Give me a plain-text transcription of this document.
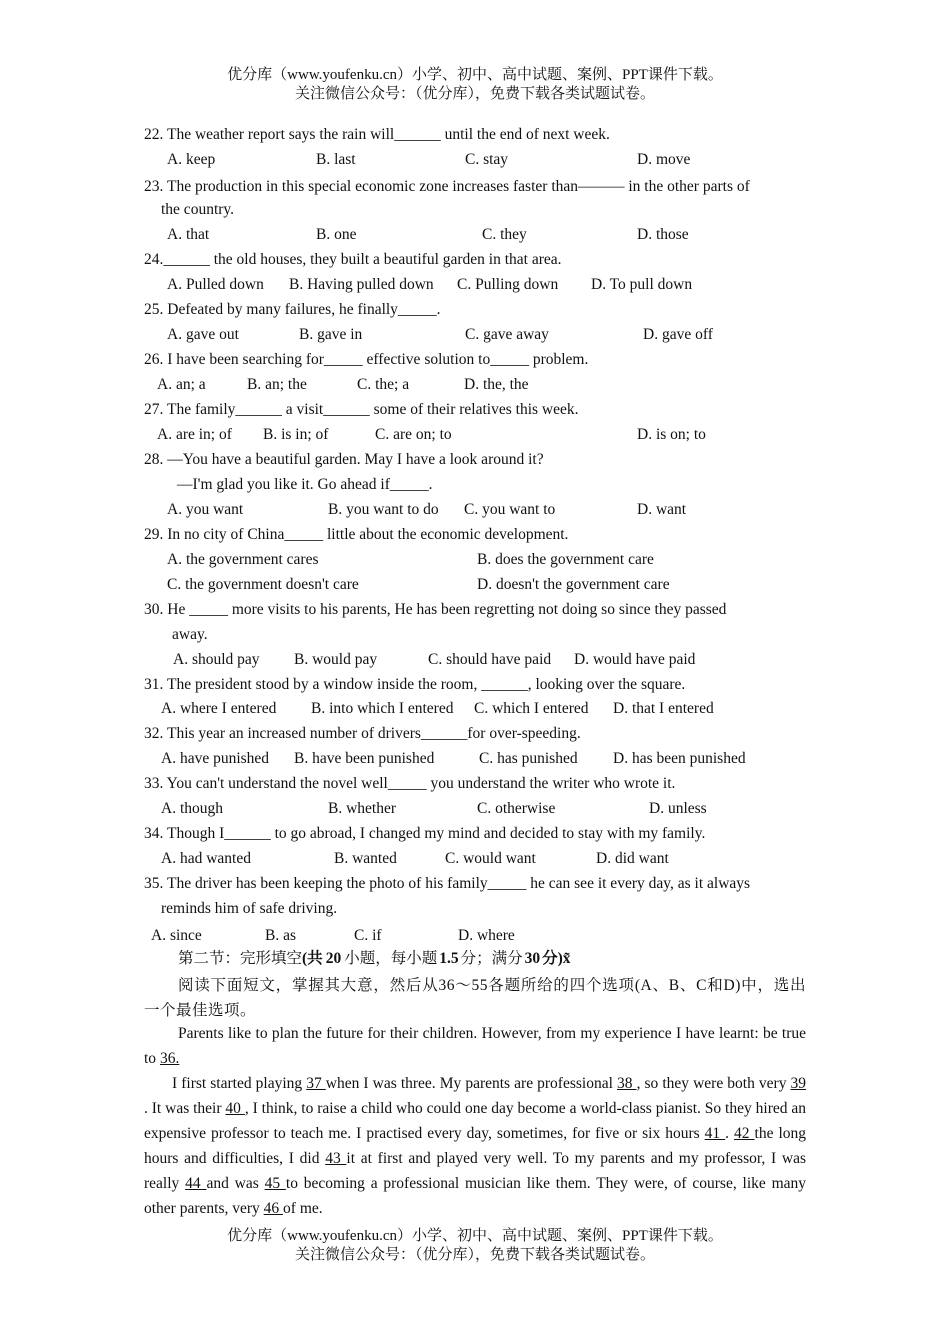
优分库（www.youfenku.cn）小学、初中、高中试题、案例、PPT课件下载。
关注微信公众号：（优分库），免费下载各类试题试卷。
22. The weather report says the rain will______ until the end of next week.
A. keep	B. last	C. stay	D. move
23. The production in this special economic zone increases faster than——— in the other parts of
the country.
A. that	B. one	C. they	D. those
24.______ the old houses, they built a beautiful garden in that area.
A. Pulled down B. Having pulled down C. Pulling down D. To pull down
25. Defeated by many failures, he finally_____.
A. gave out	B. gave in	C. gave away	D. gave off
26. I have been searching for_____ effective solution to_____ problem.
A. an; a	B. an; the	C. the; a	D. the, the
27. The family______ a visit______ some of their relatives this week.
A. are in; of B. is in; of	C. are on; to	D. is on; to
28. —You have a beautiful garden. May I have a look around it?
—I'm glad you like it. Go ahead if_____.
A. you want	B. you want to do C. you want to	D. want
29. In no city of China_____ little about the economic development.
A. the government cares	B. does the government care
C. the government doesn't care	D. doesn't the government care
30. He _____ more visits to his parents, He has been regretting not doing so since they passed
away.
A. should pay B. would pay	C. should have paid D. would have paid
31. The president stood by a window inside the room, ______, looking over the square.
A. where I entered B. into which I entered C. which I entered D. that I entered
32. This year an increased number of drivers______for over-speeding.
A. have punished B. have been punished	C. has punished D. has been punished
33. You can't understand the novel well_____ you understand the writer who wrote it.
A. though	B. whether	C. otherwise	D. unless
34. Though I______ to go abroad, I changed my mind and decided to stay with my family.
A. had wanted	B. wanted	C. would want	D. did want
35. The driver has been keeping the photo of his family_____ he can see it every day, as it always
reminds him of safe driving.
A. since	B. as	C. if	D. where
第二节：完形填空(共 20 小题，每小题 1.5 分；满分 30 分)x̃
阅读下面短文，掌握其大意，然后从36～55各题所给的四个选项(A、B、C和D)中，选出一个最佳选项。
Parents like to plan the future for their children. However, from my experience I have learnt: be true to 36.
I first started playing 37 when I was three. My parents are professional 38 , so they were both very 39 . It was their 40 , I think, to raise a child who could one day become a world-class pianist. So they hired an expensive professor to teach me. I practised every day, sometimes, for five or six hours 41 . 42 the long hours and difficulties, I did 43 it at first and played very well. To my parents and my professor, I was really 44 and was 45 to becoming a professional musician like them. They were, of course, like many other parents, very 46 of me.
优分库（www.youfenku.cn）小学、初中、高中试题、案例、PPT课件下载。
关注微信公众号：（优分库），免费下载各类试题试卷。
